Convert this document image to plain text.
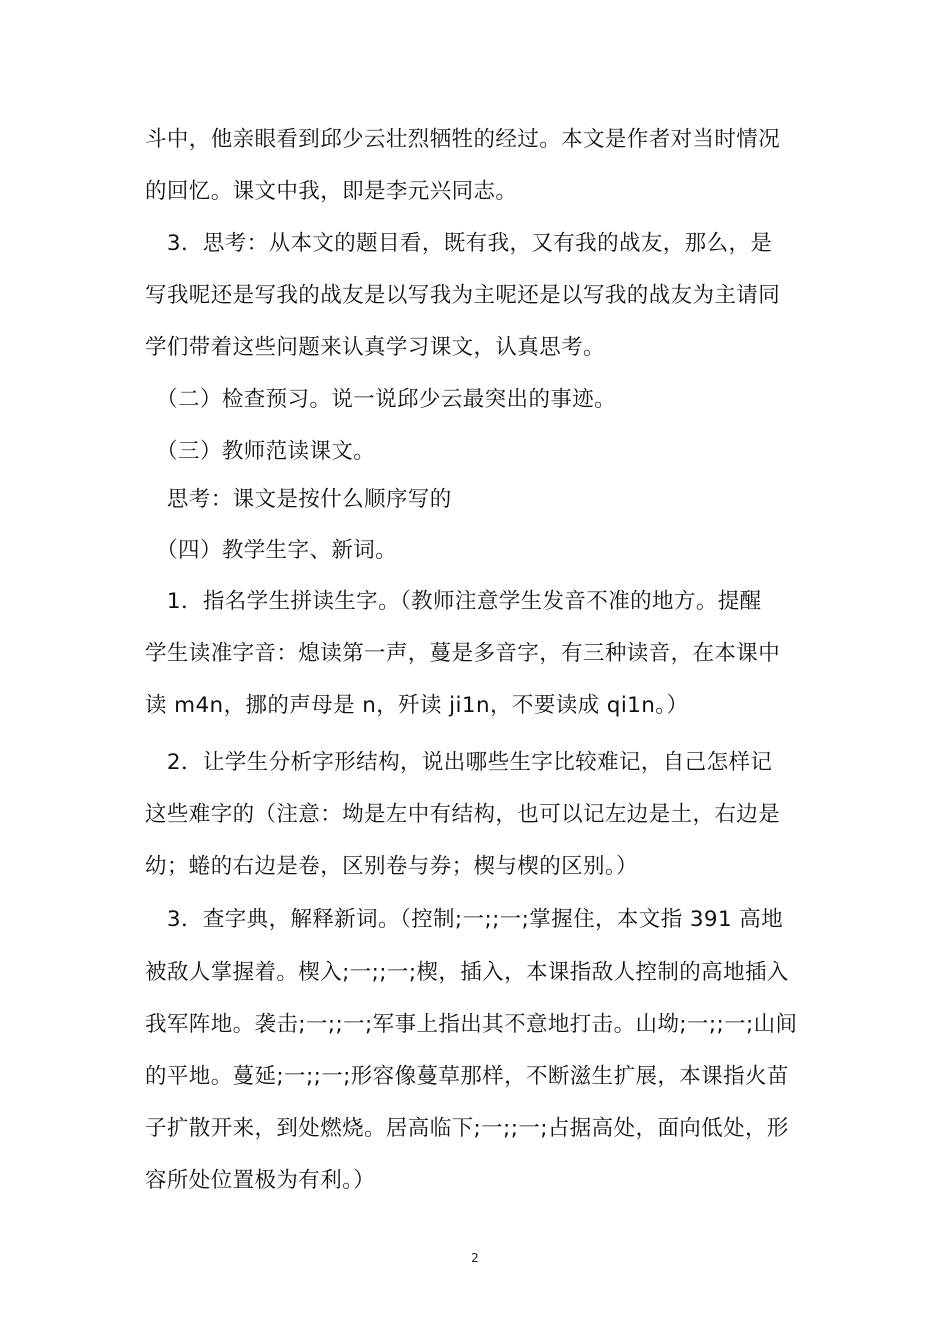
斗中，他亲眼看到邱少云壮烈牺牲的经过。本文是作者对当时情况

的回忆。课文中我，即是李元兴同志。

　3．思考：从本文的题目看，既有我，又有我的战友，那么，是

写我呢还是写我的战友是以写我为主呢还是以写我的战友为主请同

学们带着这些问题来认真学习课文，认真思考。

　（二）检查预习。说一说邱少云最突出的事迹。

　（三）教师范读课文。

　思考：课文是按什么顺序写的

　（四）教学生字、新词。

　1．指名学生拼读生字。（教师注意学生发音不准的地方。提醒

学生读准字音：熄读第一声，蔓是多音字，有三种读音，在本课中

读 m4n，挪的声母是 n，歼读 ji1n，不要读成 qi1n。）

　2．让学生分析字形结构，说出哪些生字比较难记，自己怎样记

这些难字的（注意：坳是左中有结构，也可以记左边是土，右边是

幼；蜷的右边是卷，区别卷与券；楔与楔的区别。）

　3．查字典，解释新词。（控制;一;;一;掌握住，本文指 391 高地

被敌人掌握着。楔入;一;;一;楔，插入，本课指敌人控制的高地插入

我军阵地。袭击;一;;一;军事上指出其不意地打击。山坳;一;;一;山间

的平地。蔓延;一;;一;形容像蔓草那样，不断滋生扩展，本课指火苗

子扩散开来，到处燃烧。居高临下;一;;一;占据高处，面向低处，形

容所处位置极为有利。）

2
